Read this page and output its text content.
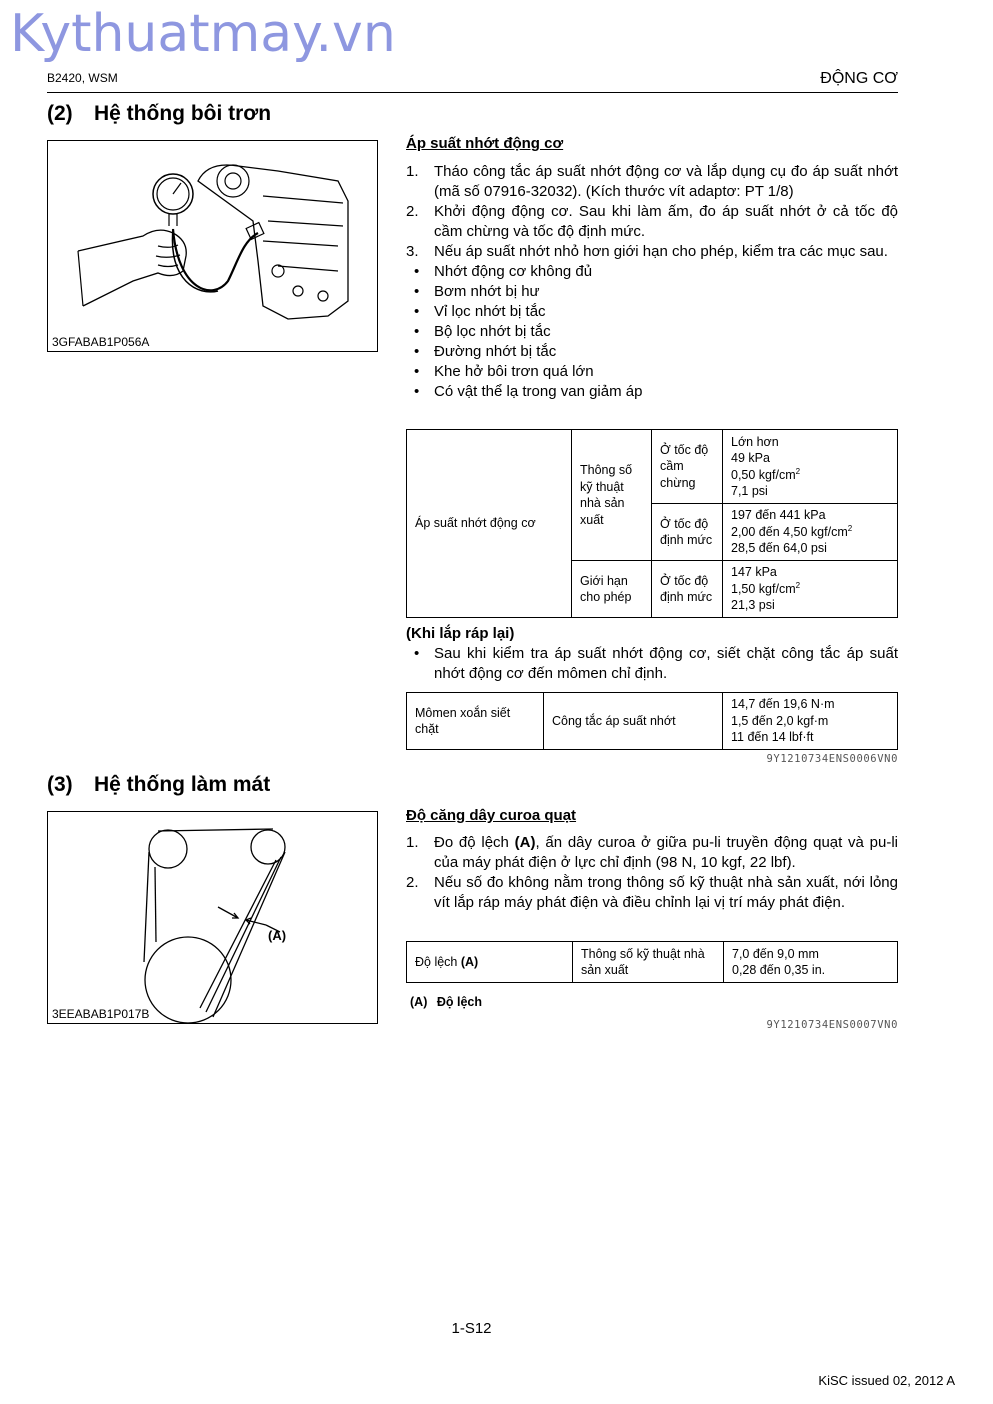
Kythuatmay.vn
B2420, WSM	ĐỘNG CƠ
(2) Hệ thống bôi trơn
3GFABAB1P056A
Áp suất nhớt động cơ
1.	Tháo công tắc áp suất nhớt động cơ và lắp dụng cụ đo áp suất nhớt (mã số 07916-32032). (Kích thước vít adaptơ: PT 1/8)
2.	Khởi động động cơ. Sau khi làm ấm, đo áp suất nhớt ở cả tốc độ cầm chừng và tốc độ định mức.
3.	Nếu áp suất nhớt nhỏ hơn giới hạn cho phép, kiểm tra các mục sau.
• Nhớt động cơ không đủ
• Bơm nhớt bị hư
• Vỉ lọc nhớt bị tắc
• Bộ lọc nhớt bị tắc
• Đường nhớt bị tắc
• Khe hở bôi trơn quá lớn
• Có vật thể lạ trong van giảm áp
Áp suất nhớt động cơ	Thông số kỹ thuật nhà sản xuất	Ở tốc độ cầm chừng	Lớn hơn
49 kPa
0,50 kgf/$cm^2$
7,1 psi

		Ở tốc độ định mức	197 đến 441 kPa
2,00 đến 4,50 kgf/$cm^2$
28,5 đến 64,0 psi

	Giới hạn cho phép	Ở tốc độ định mức	147 kPa
1,50 kgf/$cm^2$
21,3 psi
(Khi lắp ráp lại)
• Sau khi kiểm tra áp suất nhớt động cơ, siết chặt công tắc áp suất nhớt động cơ đến mômen chỉ định.
Mômen xoắn siết chặt	Công tắc áp suất nhớt	
14,7 đến 19,6 N·m
1,5 đến 2,0 kgf·m
11 đến 14 lbf·ft
9Y1210734ENS0006VN0
(3) Hệ thống làm mát
(A)
3EEABAB1P017B
Độ căng dây curoa quạt
1.	Đo độ lệch (A), ấn dây curoa ở giữa pu-li truyền động quạt và pu-li của máy phát điện ở lực chỉ định (98 N, 10 kgf, 22 lbf).
2.	Nếu số đo không nằm trong thông số kỹ thuật nhà sản xuất, nới lỏng vít lắp ráp máy phát điện và điều chỉnh lại vị trí máy phát điện.
Độ lệch (A)	Thông số kỹ thuật nhà sản xuất	
7,0 đến 9,0 mm
0,28 đến 0,35 in.
(A) Độ lệch
9Y1210734ENS0007VN0
1-S12
KiSC issued 02, 2012 A
